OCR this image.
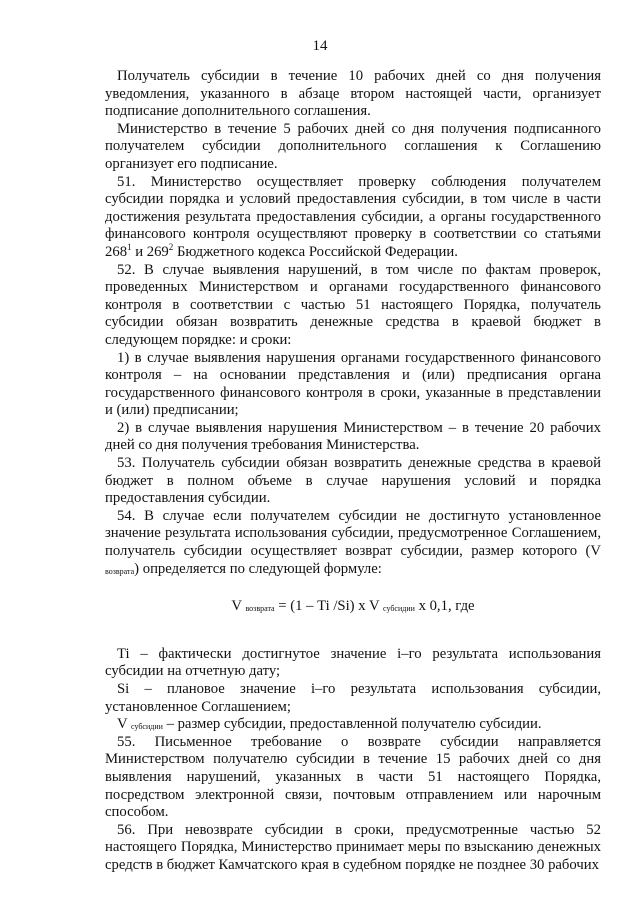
14

Получатель субсидии в течение 10 рабочих дней со дня получения уведомления, указанного в абзаце втором настоящей части, организует подписание дополнительного соглашения.

Министерство в течение 5 рабочих дней со дня получения подписанного получателем субсидии дополнительного соглашения к Соглашению организует его подписание.

51. Министерство осуществляет проверку соблюдения получателем субсидии порядка и условий предоставления субсидии, в том числе в части достижения результата предоставления субсидии, а органы государственного финансового контроля осуществляют проверку в соответствии со статьями $268^1$ и $269^2$ Бюджетного кодекса Российской Федерации.

52. В случае выявления нарушений, в том числе по фактам проверок, проведенных Министерством и органами государственного финансового контроля в соответствии с частью 51 настоящего Порядка, получатель субсидии обязан возвратить денежные средства в краевой бюджет в следующем порядке: и сроки:

1) в случае выявления нарушения органами государственного финансового контроля – на основании представления и (или) предписания органа государственного финансового контроля в сроки, указанные в представлении и (или) предписании;

2) в случае выявления нарушения Министерством – в течение 20 рабочих дней со дня получения требования Министерства.

53. Получатель субсидии обязан возвратить денежные средства в краевой бюджет в полном объеме в случае нарушения условий и порядка предоставления субсидии.

54. В случае если получателем субсидии не достигнуто установленное значение результата использования субсидии, предусмотренное Соглашением, получатель субсидии осуществляет возврат субсидии, размер которого (V $_{возврата}$) определяется по следующей формуле:

V $_{возврата}$ = (1 – Ti /Si) x V $_{субсидии}$ x 0,1, где

Ti – фактически достигнутое значение i–го результата использования субсидии на отчетную дату;

Si – плановое значение i–го результата использования субсидии, установленное Соглашением;

V $_{субсидии}$ – размер субсидии, предоставленной получателю субсидии.

55. Письменное требование о возврате субсидии направляется Министерством получателю субсидии в течение 15 рабочих дней со дня выявления нарушений, указанных в части 51 настоящего Порядка, посредством электронной связи, почтовым отправлением или нарочным способом.

56. При невозврате субсидии в сроки, предусмотренные частью 52 настоящего Порядка, Министерство принимает меры по взысканию денежных средств в бюджет Камчатского края в судебном порядке не позднее 30 рабочих
